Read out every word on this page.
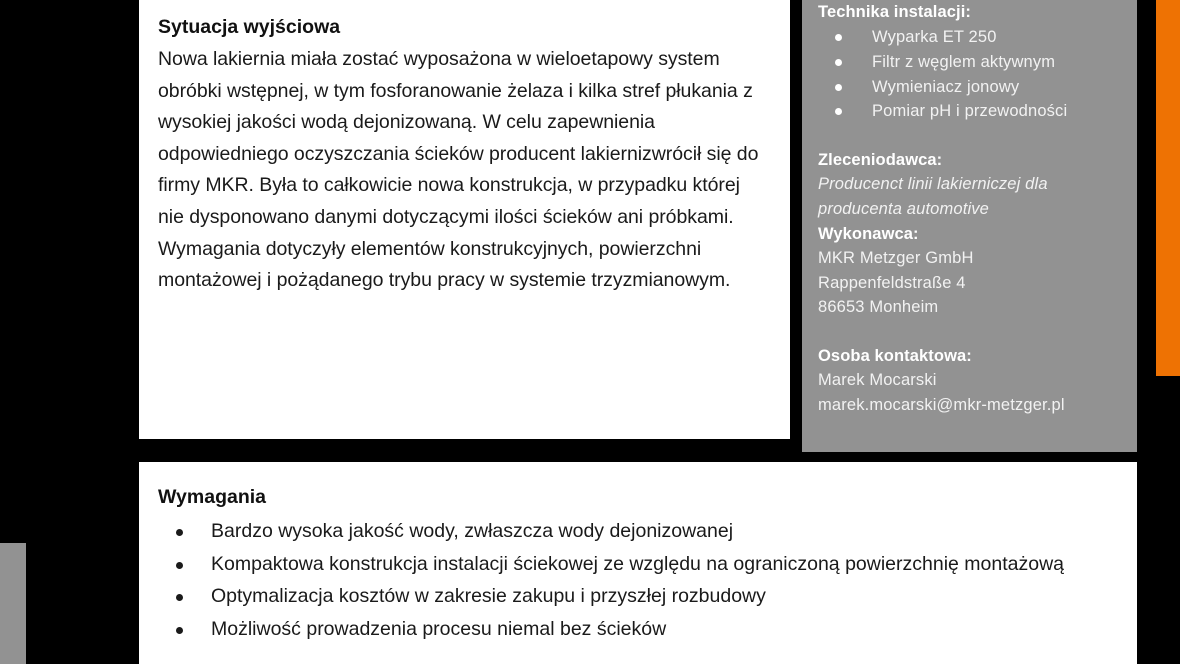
Sytuacja wyjściowa

Nowa lakiernia miała zostać wyposażona w wieloetapowy system obróbki wstępnej, w tym fosforanowanie żelaza i kilka stref płukania z wysokiej jakości wodą dejonizowaną. W celu zapewnienia odpowiedniego oczyszczania ścieków producent lakiernizwrócił się do firmy MKR. Była to całkowicie nowa konstrukcja, w przypadku której nie dysponowano danymi dotyczącymi ilości ścieków ani próbkami. Wymagania dotyczyły elementów konstrukcyjnych, powierzchni montażowej i pożądanego trybu pracy w systemie trzyzmianowym.

Technika instalacji:
Wyparka ET 250
Filtr z węglem aktywnym
Wymieniacz jonowy
Pomiar pH i przewodności
Zleceniodawca:
Producenct linii lakierniczej dla
producenta automotive
Wykonawca:
MKR Metzger GmbH
Rappenfeldstraße 4
86653 Monheim
Osoba kontaktowa:
Marek Mocarski
marek.mocarski@mkr-metzger.pl
Wymagania
Bardzo wysoka jakość wody, zwłaszcza wody dejonizowanej
Kompaktowa konstrukcja instalacji ściekowej ze względu na ograniczoną powierzchnię montażową
Optymalizacja kosztów w zakresie zakupu i przyszłej rozbudowy
Możliwość prowadzenia procesu niemal bez ścieków
